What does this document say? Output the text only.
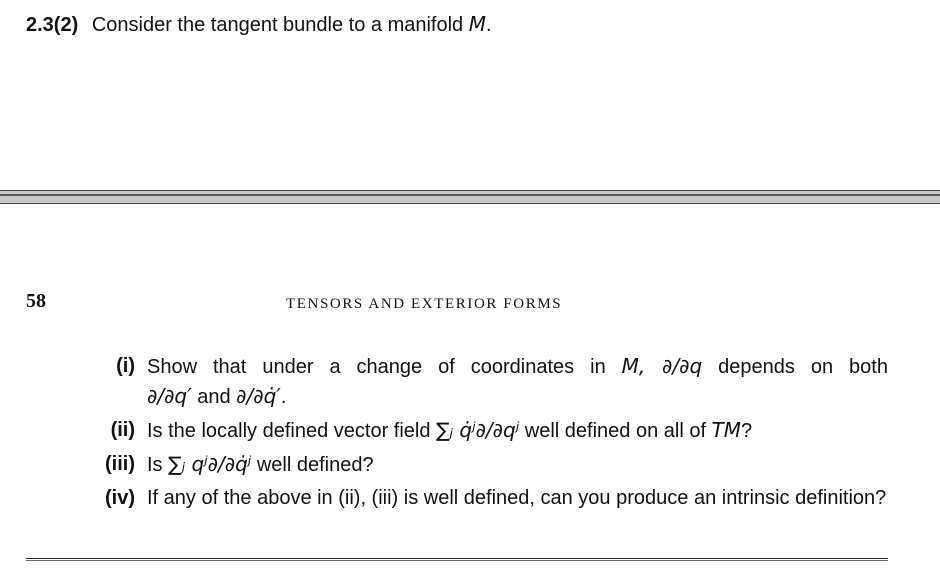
2.3(2) Consider the tangent bundle to a manifold M.
58	TENSORS AND EXTERIOR FORMS
(i) Show that under a change of coordinates in M, ∂/∂q depends on both
∂/∂q′ and ∂/∂q̇′.
(ii) Is the locally defined vector field ∑ⱼ q̇ʲ∂/∂qʲ well defined on all of TM?
(iii) Is ∑ⱼ qʲ∂/∂q̇ʲ well defined?
(iv) If any of the above in (ii), (iii) is well defined, can you produce an intrinsic definition?
